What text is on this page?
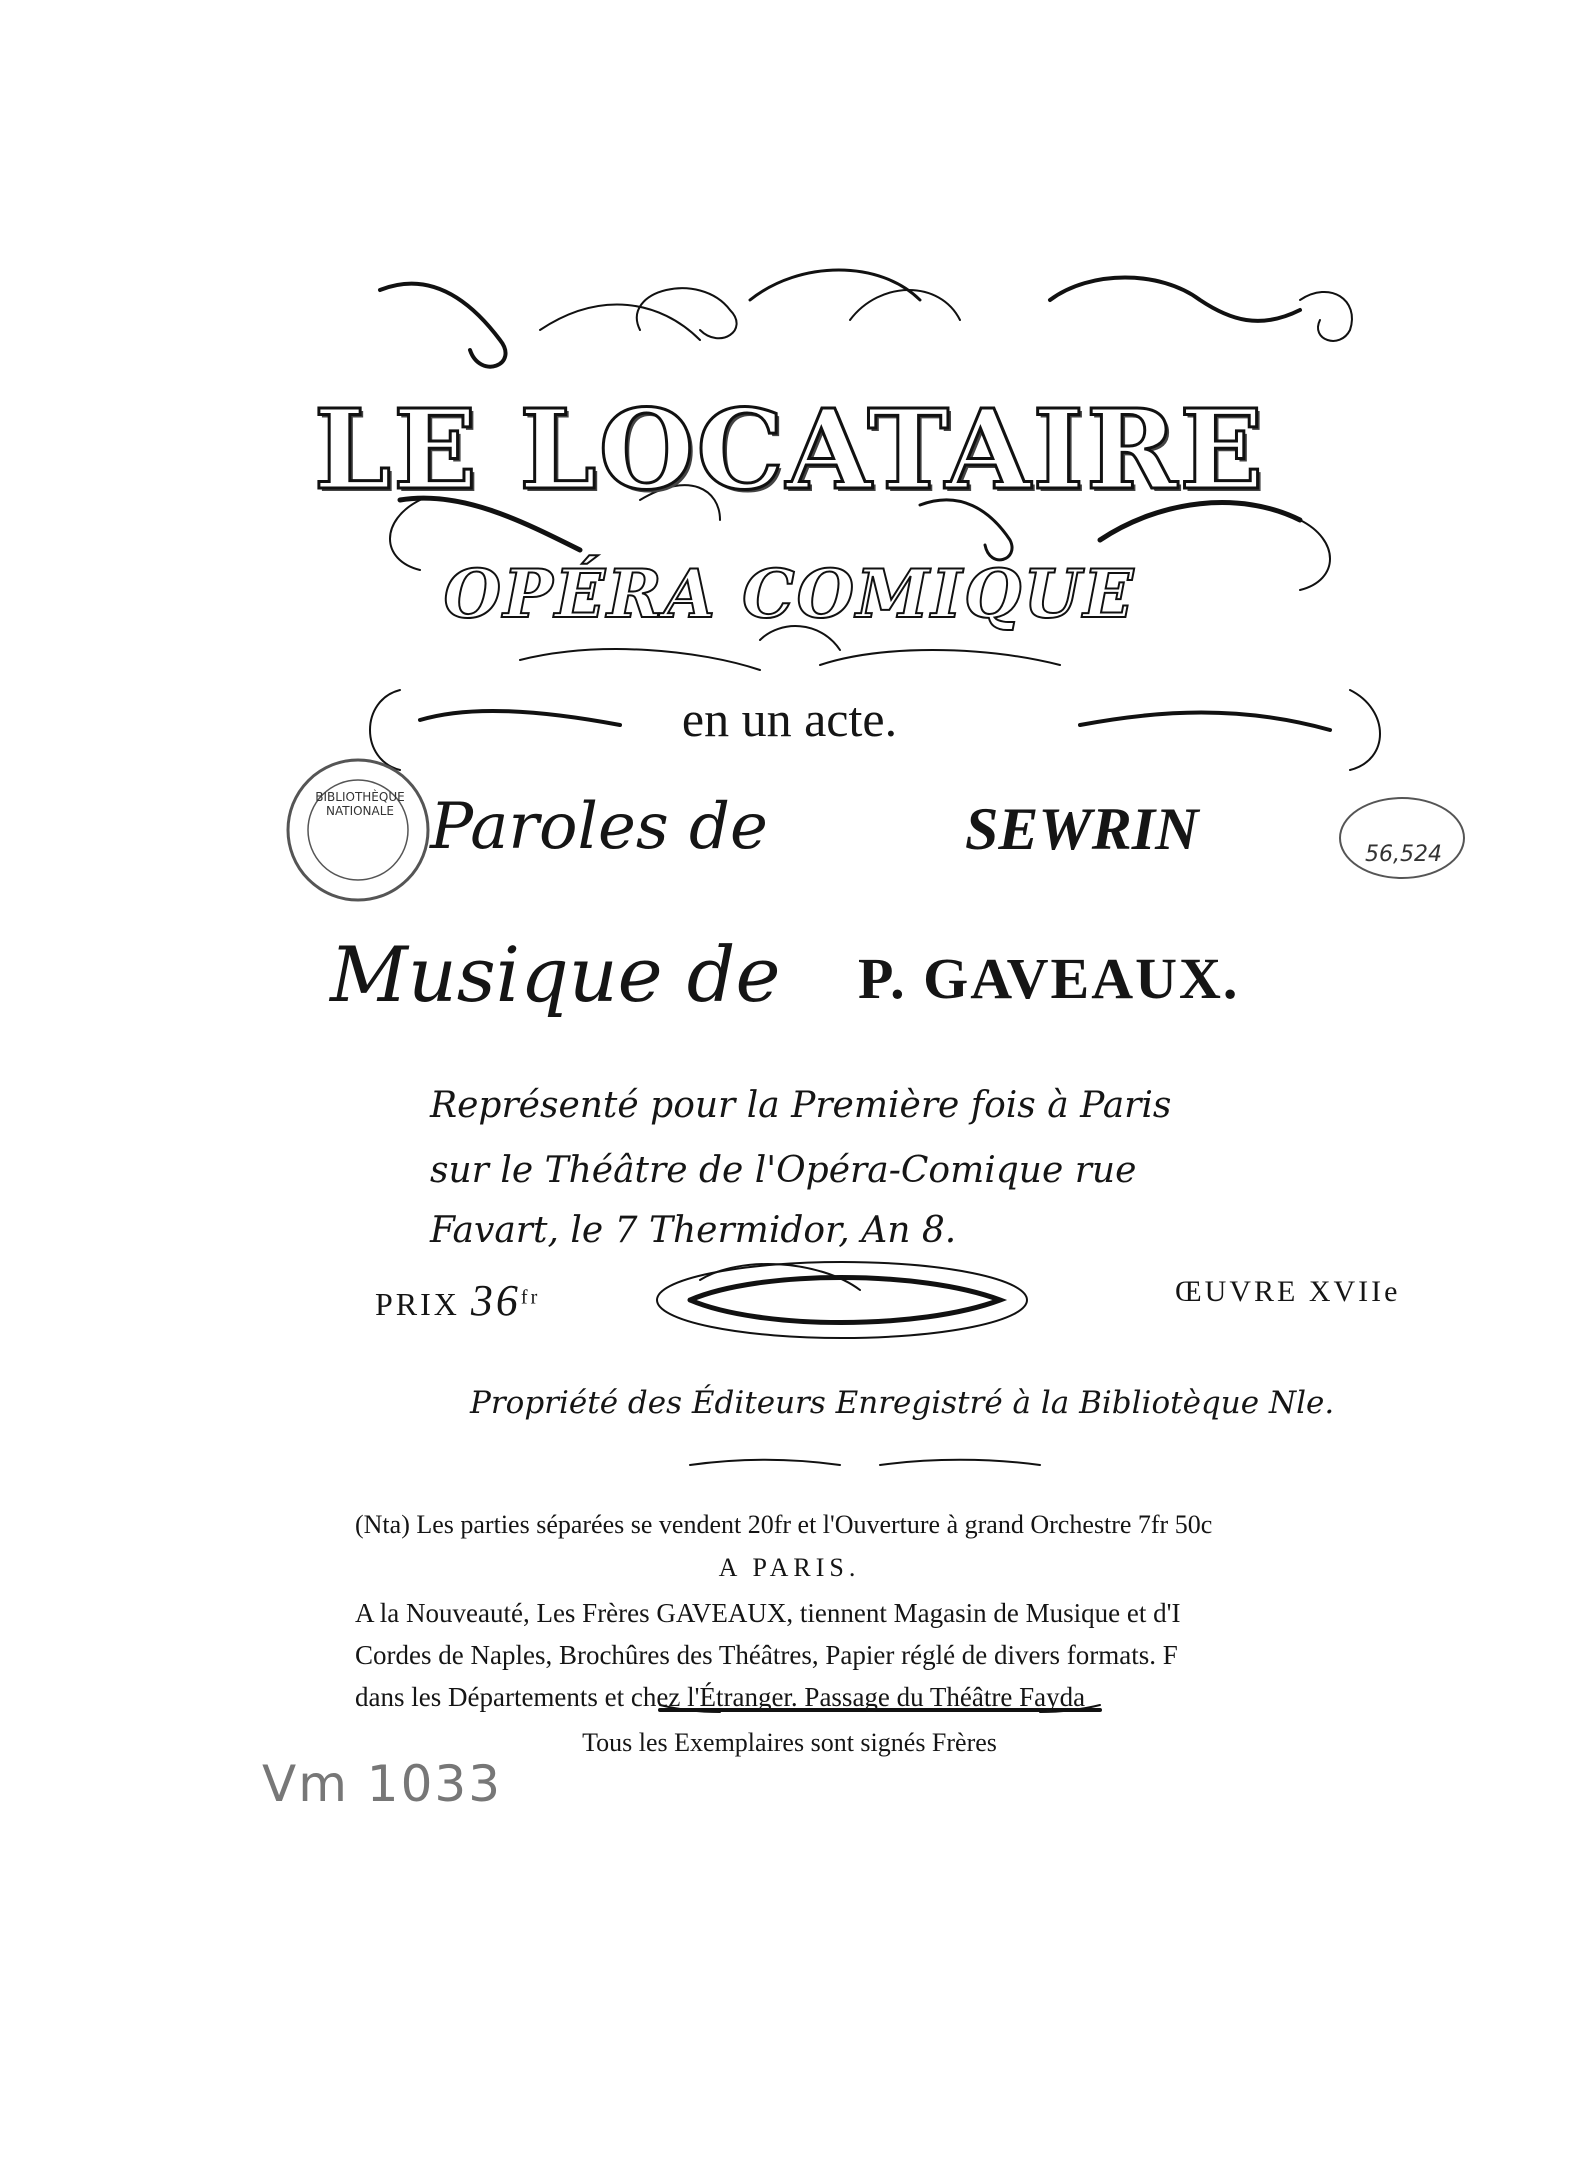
LE LOCATAIRE
OPÉRA COMIQUE
en un acte.
Paroles de	SEWRIN
Musique de P. GAVEAUX.
Représenté pour la Première fois à Paris
sur le Théâtre de l'Opéra-Comique rue
Favart, le 7 Thermidor, An 8.
PRIX $36^{fr}$	ŒUVRE XVIIe
Propriété des Éditeurs Enregistré à la Bibliotèque Nle.
(Nta) Les parties séparées se vendent 20fr et l'Ouverture à grand Orchestre 7fr 50c
A PARIS.
A la Nouveauté, Les Frères GAVEAUX, tiennent Magasin de Musique et d'I
Cordes de Naples, Brochûres des Théâtres, Papier réglé de divers formats. F
dans les Départements et chez l'Étranger. Passage du Théâtre Fayda
Tous les Exemplaires sont signés Frères
BIBLIOTHÈQUE NATIONALE
56,524
Vm 1033
